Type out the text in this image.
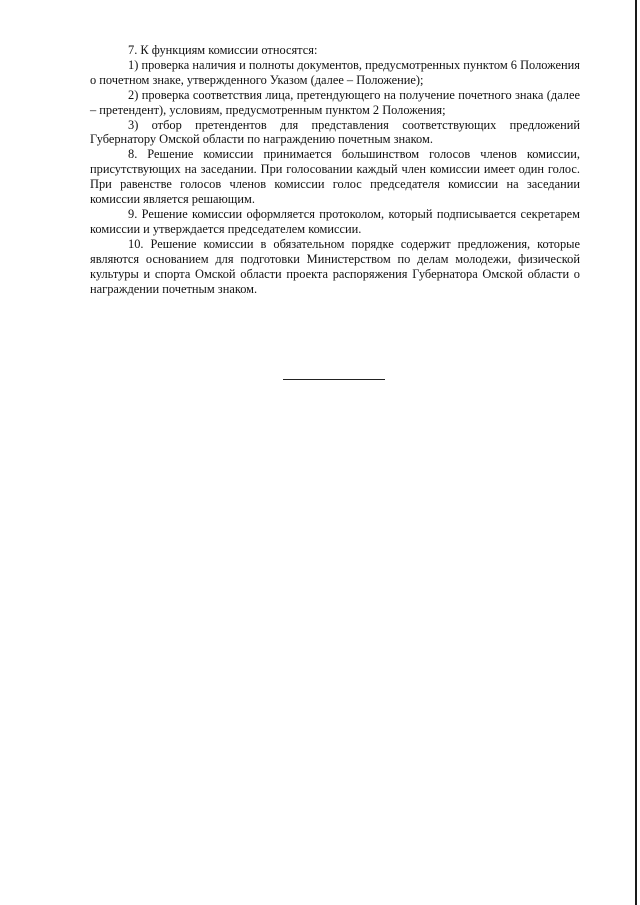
7. К функциям комиссии относятся:

1) проверка наличия и полноты документов, предусмотренных пунктом 6 Положения о почетном знаке, утвержденного Указом (далее – Положение);

2) проверка соответствия лица, претендующего на получение почетного знака (далее – претендент), условиям, предусмотренным пунктом 2 Положения;

3) отбор претендентов для представления соответствующих предложений Губернатору Омской области по награждению почетным знаком.

8. Решение комиссии принимается большинством голосов членов комиссии, присутствующих на заседании. При голосовании каждый член комиссии имеет один голос. При равенстве голосов членов комиссии голос председателя комиссии на заседании комиссии является решающим.

9. Решение комиссии оформляется протоколом, который подписывается секретарем комиссии и утверждается председателем комиссии.

10. Решение комиссии в обязательном порядке содержит предложения, которые являются основанием для подготовки Министерством по делам молодежи, физической культуры и спорта Омской области проекта распоряжения Губернатора Омской области о награждении почетным знаком.
